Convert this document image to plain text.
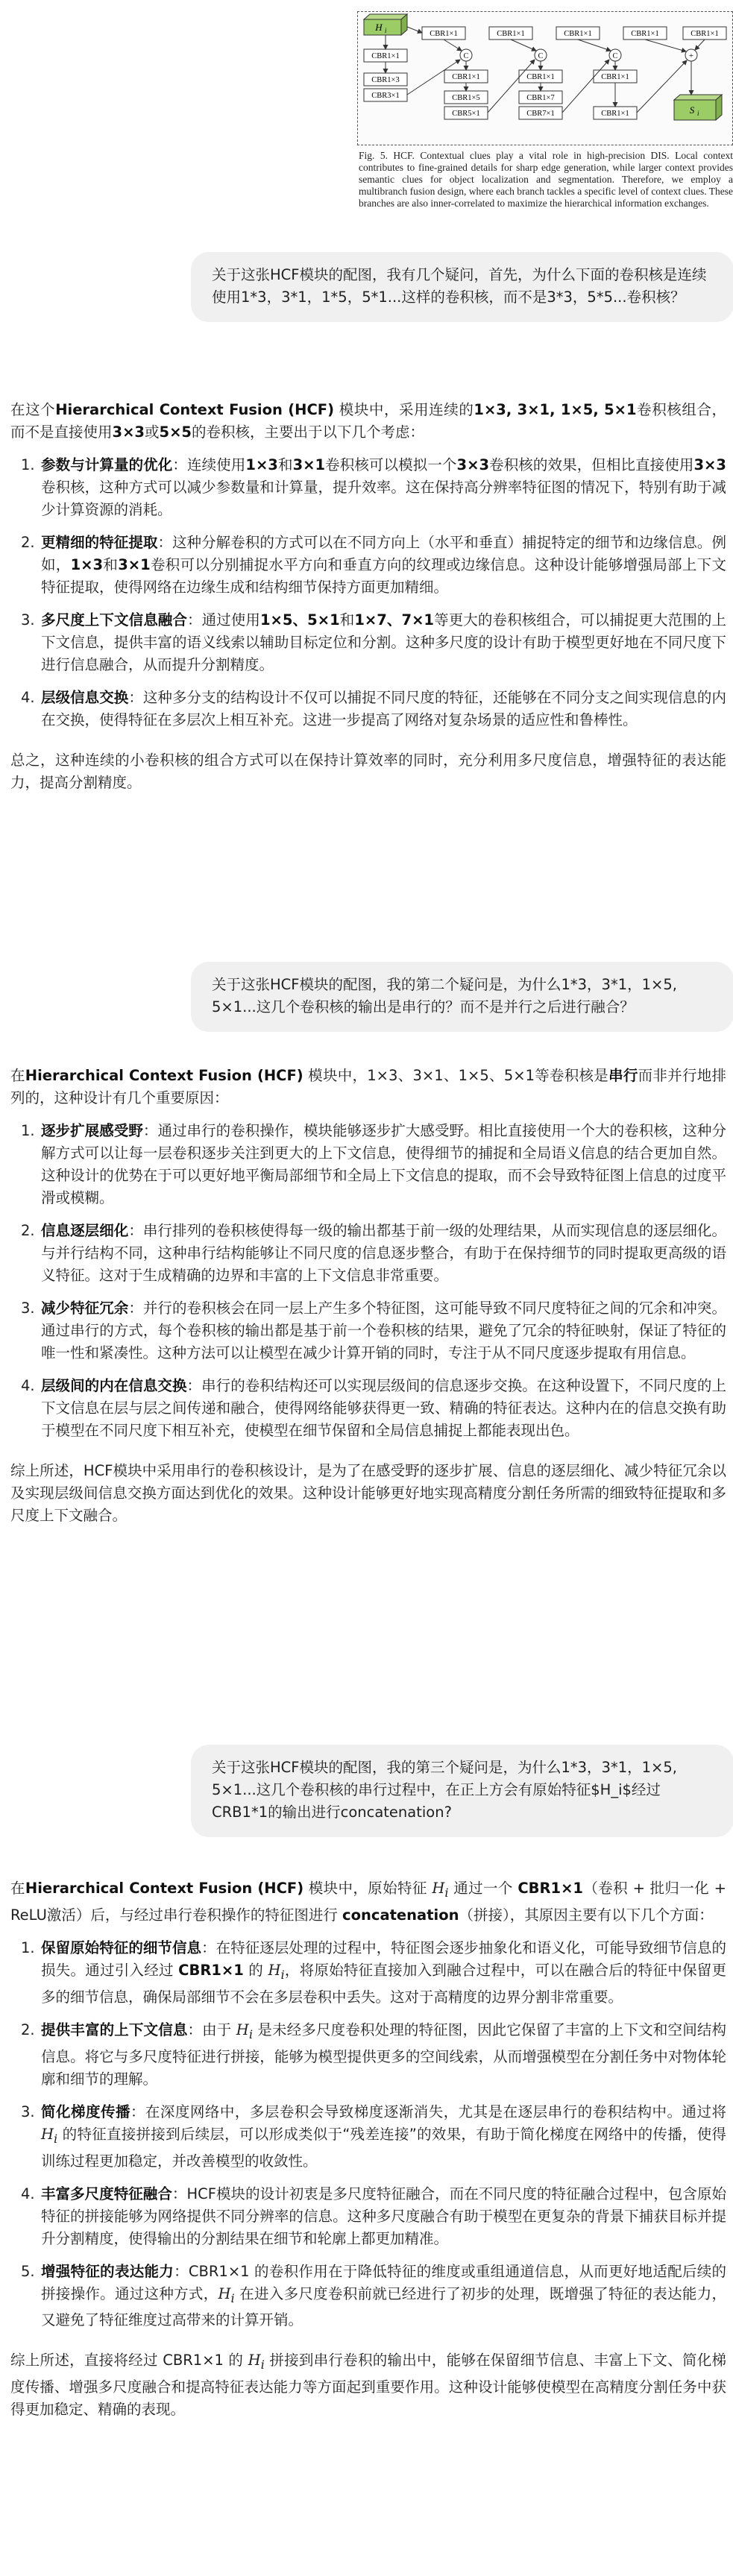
H i
CBR1×1
CBR1×3
CBR3×1
CBR1×1	CBR1×1	CBR1×1	CBR1×1	CBR1×1
C	C	C	+
CBR1×1	CBR1×1	CBR1×1
CBR1×5
CBR5×1
CBR1×7
CBR7×1	CBR1×1	S i
Fig. 5. HCF. Contextual clues play a vital role in high-precision DIS. Local context contributes to fine-grained details for sharp edge generation, while larger context provides semantic clues for object localization and segmentation. Therefore, we employ a multibranch fusion design, where each branch tackles a specific level of context clues. These branches are also inner-correlated to maximize the hierarchical information exchanges.
关于这张HCF模块的配图，我有几个疑问，首先，为什么下面的卷积核是连续使用1*3，3*1，1*5，5*1...这样的卷积核，而不是3*3，5*5...卷积核？

在这个Hierarchical Context Fusion (HCF) 模块中，采用连续的1×3, 3×1, 1×5, 5×1卷积核组合，而不是直接使用3×3或5×5的卷积核，主要出于以下几个考虑：

1. 参数与计算量的优化：连续使用1×3和3×1卷积核可以模拟一个3×3卷积核的效果，但相比直接使用3×3卷积核，这种方式可以减少参数量和计算量，提升效率。这在保持高分辨率特征图的情况下，特别有助于减少计算资源的消耗。
2. 更精细的特征提取：这种分解卷积的方式可以在不同方向上（水平和垂直）捕捉特定的细节和边缘信息。例如，1×3和3×1卷积可以分别捕捉水平方向和垂直方向的纹理或边缘信息。这种设计能够增强局部上下文特征提取，使得网络在边缘生成和结构细节保持方面更加精细。
3. 多尺度上下文信息融合：通过使用1×5、5×1和1×7、7×1等更大的卷积核组合，可以捕捉更大范围的上下文信息，提供丰富的语义线索以辅助目标定位和分割。这种多尺度的设计有助于模型更好地在不同尺度下进行信息融合，从而提升分割精度。
4. 层级信息交换：这种多分支的结构设计不仅可以捕捉不同尺度的特征，还能够在不同分支之间实现信息的内在交换，使得特征在多层次上相互补充。这进一步提高了网络对复杂场景的适应性和鲁棒性。

总之，这种连续的小卷积核的组合方式可以在保持计算效率的同时，充分利用多尺度信息，增强特征的表达能力，提高分割精度。

关于这张HCF模块的配图，我的第二个疑问是，为什么1*3，3*1，1×5, 5×1...这几个卷积核的输出是串行的？而不是并行之后进行融合？

在Hierarchical Context Fusion (HCF) 模块中，1×3、3×1、1×5、5×1等卷积核是串行而非并行地排列的，这种设计有几个重要原因：

1. 逐步扩展感受野：通过串行的卷积操作，模块能够逐步扩大感受野。相比直接使用一个大的卷积核，这种分解方式可以让每一层卷积逐步关注到更大的上下文信息，使得细节的捕捉和全局语义信息的结合更加自然。这种设计的优势在于可以更好地平衡局部细节和全局上下文信息的提取，而不会导致特征图上信息的过度平滑或模糊。
2. 信息逐层细化：串行排列的卷积核使得每一级的输出都基于前一级的处理结果，从而实现信息的逐层细化。与并行结构不同，这种串行结构能够让不同尺度的信息逐步整合，有助于在保持细节的同时提取更高级的语义特征。这对于生成精确的边界和丰富的上下文信息非常重要。
3. 减少特征冗余：并行的卷积核会在同一层上产生多个特征图，这可能导致不同尺度特征之间的冗余和冲突。通过串行的方式，每个卷积核的输出都是基于前一个卷积核的结果，避免了冗余的特征映射，保证了特征的唯一性和紧凑性。这种方法可以让模型在减少计算开销的同时，专注于从不同尺度逐步提取有用信息。
4. 层级间的内在信息交换：串行的卷积结构还可以实现层级间的信息逐步交换。在这种设置下，不同尺度的上下文信息在层与层之间传递和融合，使得网络能够获得更一致、精确的特征表达。这种内在的信息交换有助于模型在不同尺度下相互补充，使模型在细节保留和全局信息捕捉上都能表现出色。

综上所述，HCF模块中采用串行的卷积核设计，是为了在感受野的逐步扩展、信息的逐层细化、减少特征冗余以及实现层级间信息交换方面达到优化的效果。这种设计能够更好地实现高精度分割任务所需的细致特征提取和多尺度上下文融合。

关于这张HCF模块的配图，我的第三个疑问是，为什么1*3，3*1，1×5, 5×1...这几个卷积核的串行过程中，在正上方会有原始特征$H_i$经过CRB1*1的输出进行concatenation?

在Hierarchical Context Fusion (HCF) 模块中，原始特征 $H_i$ 通过一个 CBR1×1（卷积 + 批归一化 + ReLU激活）后，与经过串行卷积操作的特征图进行 concatenation（拼接），其原因主要有以下几个方面：

1. 保留原始特征的细节信息：在特征逐层处理的过程中，特征图会逐步抽象化和语义化，可能导致细节信息的损失。通过引入经过 CBR1×1 的 $H_i$，将原始特征直接加入到融合过程中，可以在融合后的特征中保留更多的细节信息，确保局部细节不会在多层卷积中丢失。这对于高精度的边界分割非常重要。
2. 提供丰富的上下文信息：由于 $H_i$ 是未经多尺度卷积处理的特征图，因此它保留了丰富的上下文和空间结构信息。将它与多尺度特征进行拼接，能够为模型提供更多的空间线索，从而增强模型在分割任务中对物体轮廓和细节的理解。
3. 简化梯度传播：在深度网络中，多层卷积会导致梯度逐渐消失，尤其是在逐层串行的卷积结构中。通过将 $H_i$ 的特征直接拼接到后续层，可以形成类似于“残差连接”的效果，有助于简化梯度在网络中的传播，使得训练过程更加稳定，并改善模型的收敛性。
4. 丰富多尺度特征融合：HCF模块的设计初衷是多尺度特征融合，而在不同尺度的特征融合过程中，包含原始特征的拼接能够为网络提供不同分辨率的信息。这种多尺度融合有助于模型在更复杂的背景下捕获目标并提升分割精度，使得输出的分割结果在细节和轮廓上都更加精准。
5. 增强特征的表达能力：CBR1×1 的卷积作用在于降低特征的维度或重组通道信息，从而更好地适配后续的拼接操作。通过这种方式，$H_i$ 在进入多尺度卷积前就已经进行了初步的处理，既增强了特征的表达能力，又避免了特征维度过高带来的计算开销。

综上所述，直接将经过 CBR1×1 的 $H_i$ 拼接到串行卷积的输出中，能够在保留细节信息、丰富上下文、简化梯度传播、增强多尺度融合和提高特征表达能力等方面起到重要作用。这种设计能够使模型在高精度分割任务中获得更加稳定、精确的表现。
